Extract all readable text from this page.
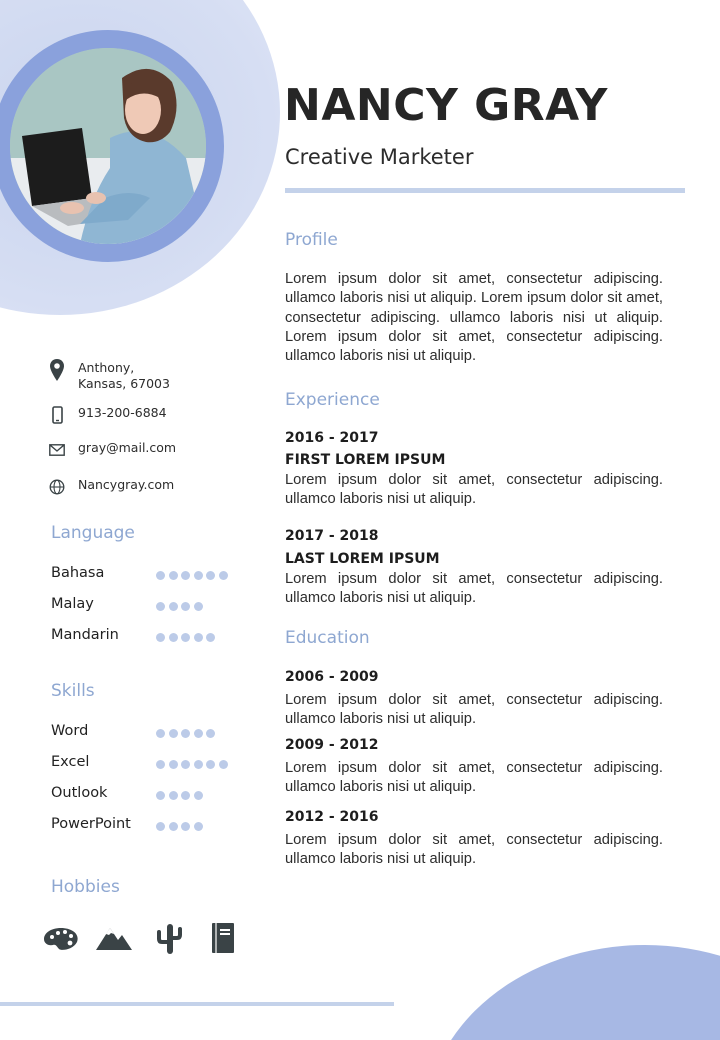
NANCY GRAY
Creative Marketer
Anthony,
Kansas, 67003
913-200-6884
gray@mail.com
Nancygray.com
Language
Bahasa
Malay
Mandarin
Skills
Word
Excel
Outlook
PowerPoint
Hobbies
Profile
Lorem ipsum dolor sit amet, consectetur adipiscing. ullamco laboris nisi ut aliquip. Lorem ipsum dolor sit amet, consectetur adipiscing. ullamco laboris nisi ut aliquip. Lorem ipsum dolor sit amet, consectetur adipiscing. ullamco laboris nisi ut aliquip.
Experience
2016 - 2017
FIRST LOREM IPSUM
Lorem ipsum dolor sit amet, consectetur adipiscing. ullamco laboris nisi ut aliquip.
2017 - 2018
LAST LOREM IPSUM
Lorem ipsum dolor sit amet, consectetur adipiscing. ullamco laboris nisi ut aliquip.
Education
2006 - 2009
Lorem ipsum dolor sit amet, consectetur adipiscing. ullamco laboris nisi ut aliquip.
2009 - 2012
Lorem ipsum dolor sit amet, consectetur adipiscing. ullamco laboris nisi ut aliquip.
2012 - 2016
Lorem ipsum dolor sit amet, consectetur adipiscing. ullamco laboris nisi ut aliquip.
